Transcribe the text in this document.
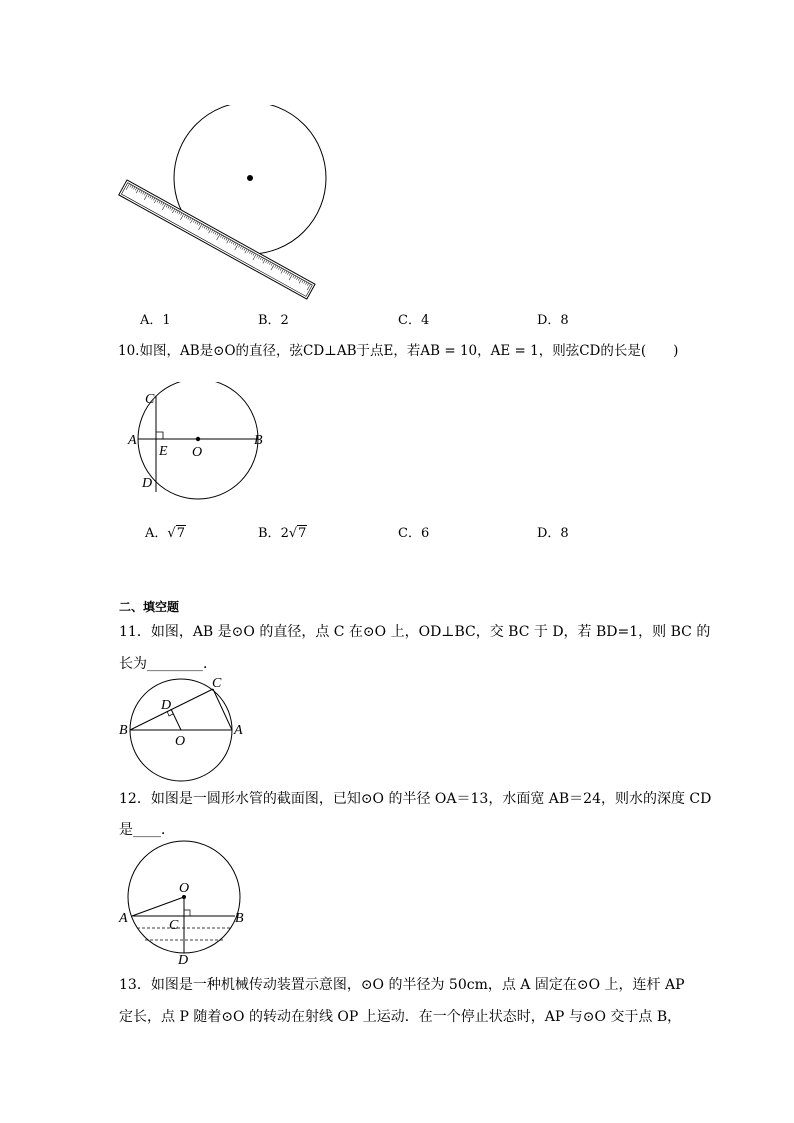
A．1	B．2	C．4	D．8
10.如图，AB是⊙O的直径，弦CD⊥AB于点E，若AB = 10，AE = 1，则弦CD的长是(　　)
C
A
E O
B
D
A．√7	B．2√7	C．6	D．8
二、填空题
11．如图，AB 是⊙O 的直径，点 C 在⊙O 上，OD⊥BC，交 BC 于 D，若 BD=1，则 BC 的
长为________．
C
D
B
O
A
12．如图是一圆形水管的截面图，已知⊙O 的半径 OA＝13，水面宽 AB＝24，则水的深度 CD
是____．
O
A	C	B
D
13．如图是一种机械传动装置示意图，⊙O 的半径为 50cm，点 A 固定在⊙O 上，连杆 AP
定长，点 P 随着⊙O 的转动在射线 OP 上运动．在一个停止状态时，AP 与⊙O 交于点 B，
